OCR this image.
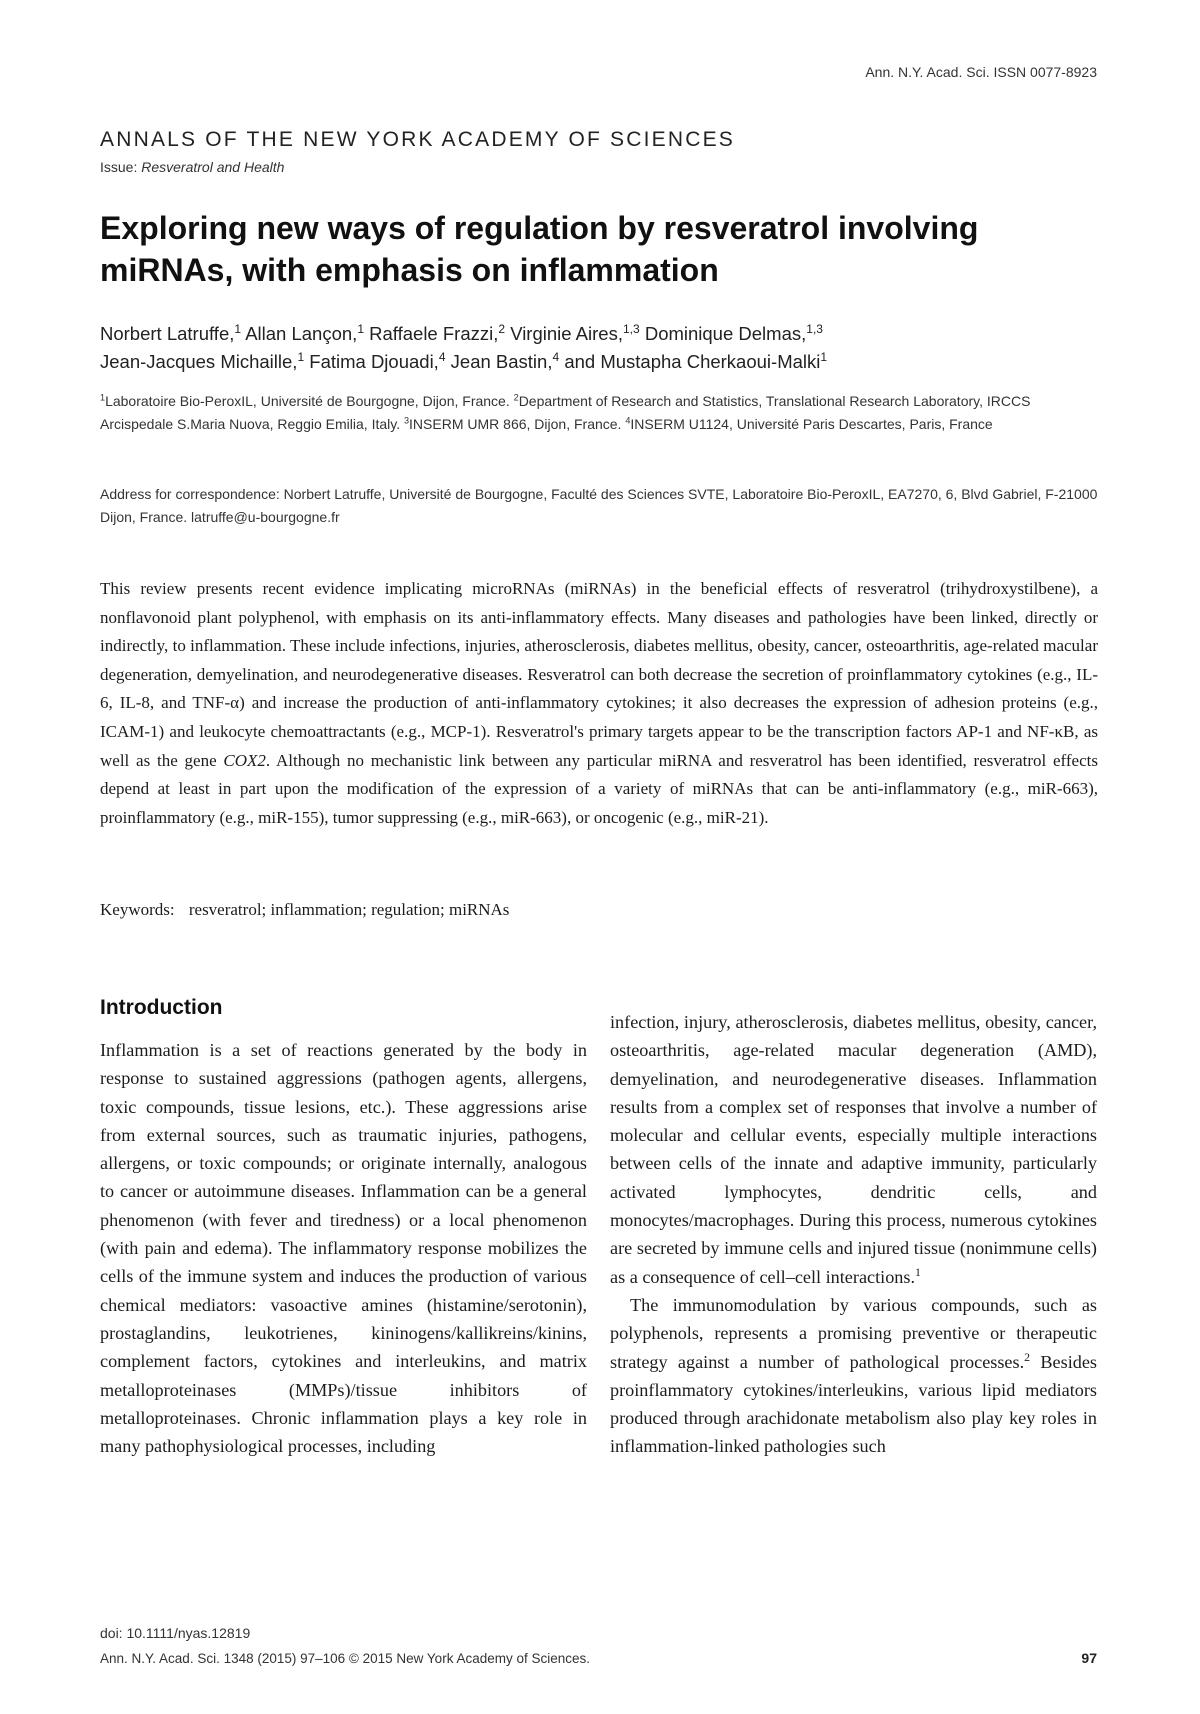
Ann. N.Y. Acad. Sci. ISSN 0077-8923
ANNALS OF THE NEW YORK ACADEMY OF SCIENCES
Issue: Resveratrol and Health
Exploring new ways of regulation by resveratrol involving miRNAs, with emphasis on inflammation
Norbert Latruffe,$^1$ Allan Lançon,$^1$ Raffaele Frazzi,$^2$ Virginie Aires,$^{1,3}$ Dominique Delmas,$^{1,3}$
Jean-Jacques Michaille,$^1$ Fatima Djouadi,$^4$ Jean Bastin,$^4$ and Mustapha Cherkaoui-Malki$^1$
$^1$Laboratoire Bio-PeroxIL, Université de Bourgogne, Dijon, France. $^2$Department of Research and Statistics, Translational Research Laboratory, IRCCS Arcispedale S.Maria Nuova, Reggio Emilia, Italy. $^3$INSERM UMR 866, Dijon, France. $^4$INSERM U1124, Université Paris Descartes, Paris, France
Address for correspondence: Norbert Latruffe, Université de Bourgogne, Faculté des Sciences SVTE, Laboratoire Bio-PeroxIL, EA7270, 6, Blvd Gabriel, F-21000 Dijon, France. latruffe@u-bourgogne.fr

This review presents recent evidence implicating microRNAs (miRNAs) in the beneficial effects of resveratrol (trihydroxystilbene), a nonflavonoid plant polyphenol, with emphasis on its anti-inflammatory effects. Many diseases and pathologies have been linked, directly or indirectly, to inflammation. These include infections, injuries, atherosclerosis, diabetes mellitus, obesity, cancer, osteoarthritis, age-related macular degeneration, demyelination, and neurodegenerative diseases. Resveratrol can both decrease the secretion of proinflammatory cytokines (e.g., IL-6, IL-8, and TNF-α) and increase the production of anti-inflammatory cytokines; it also decreases the expression of adhesion proteins (e.g., ICAM-1) and leukocyte chemoattractants (e.g., MCP-1). Resveratrol's primary targets appear to be the transcription factors AP-1 and NF-κB, as well as the gene COX2. Although no mechanistic link between any particular miRNA and resveratrol has been identified, resveratrol effects depend at least in part upon the modification of the expression of a variety of miRNAs that can be anti-inflammatory (e.g., miR-663), proinflammatory (e.g., miR-155), tumor suppressing (e.g., miR-663), or oncogenic (e.g., miR-21).

Keywords: resveratrol; inflammation; regulation; miRNAs
Introduction

Inflammation is a set of reactions generated by the body in response to sustained aggressions (pathogen agents, allergens, toxic compounds, tissue lesions, etc.). These aggressions arise from external sources, such as traumatic injuries, pathogens, allergens, or toxic compounds; or originate internally, analogous to cancer or autoimmune diseases. Inflammation can be a general phenomenon (with fever and tiredness) or a local phenomenon (with pain and edema). The inflammatory response mobilizes the cells of the immune system and induces the production of various chemical mediators: vasoactive amines (histamine/serotonin), prostaglandins, leukotrienes, kininogens/kallikreins/kinins, complement factors, cytokines and interleukins, and matrix metalloproteinases (MMPs)/tissue inhibitors of metalloproteinases. Chronic inflammation plays a key role in many pathophysiological processes, including

infection, injury, atherosclerosis, diabetes mellitus, obesity, cancer, osteoarthritis, age-related macular degeneration (AMD), demyelination, and neurodegenerative diseases. Inflammation results from a complex set of responses that involve a number of molecular and cellular events, especially multiple interactions between cells of the innate and adaptive immunity, particularly activated lymphocytes, dendritic cells, and monocytes/macrophages. During this process, numerous cytokines are secreted by immune cells and injured tissue (nonimmune cells) as a consequence of cell–cell interactions.$^1$

The immunomodulation by various compounds, such as polyphenols, represents a promising preventive or therapeutic strategy against a number of pathological processes.$^2$ Besides proinflammatory cytokines/interleukins, various lipid mediators produced through arachidonate metabolism also play key roles in inflammation-linked pathologies such

doi: 10.1111/nyas.12819
Ann. N.Y. Acad. Sci. 1348 (2015) 97–106 © 2015 New York Academy of Sciences.	97
